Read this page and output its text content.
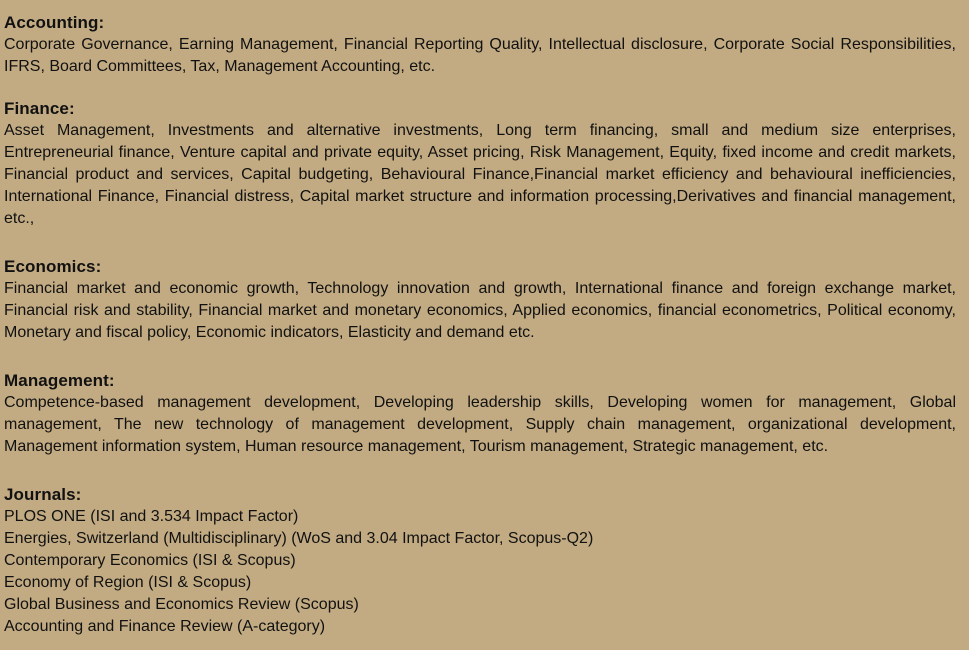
Accounting:

Corporate Governance, Earning Management, Financial Reporting Quality, Intellectual disclosure, Corporate Social Responsibilities, IFRS, Board Committees, Tax, Management Accounting, etc.

Finance:

Asset Management, Investments and alternative investments, Long term financing, small and medium size enterprises, Entrepreneurial finance, Venture capital and private equity, Asset pricing, Risk Management, Equity, fixed income and credit markets, Financial product and services, Capital budgeting, Behavioural Finance,Financial market efficiency and behavioural inefficiencies, International Finance, Financial distress, Capital market structure and information processing,Derivatives and financial management, etc.,

Economics:

Financial market and economic growth, Technology innovation and growth, International finance and foreign exchange market, Financial risk and stability, Financial market and monetary economics, Applied economics, financial econometrics, Political economy, Monetary and fiscal policy, Economic indicators, Elasticity and demand etc.

Management:

Competence-based management development, Developing leadership skills, Developing women for management, Global management, The new technology of management development, Supply chain management, organizational development, Management information system, Human resource management, Tourism management, Strategic management, etc.

Journals:

PLOS ONE (ISI and 3.534 Impact Factor)
Energies, Switzerland (Multidisciplinary) (WoS and 3.04 Impact Factor, Scopus-Q2)
Contemporary Economics (ISI & Scopus)
Economy of Region (ISI & Scopus)
Global Business and Economics Review (Scopus)
Accounting and Finance Review (A-category)
